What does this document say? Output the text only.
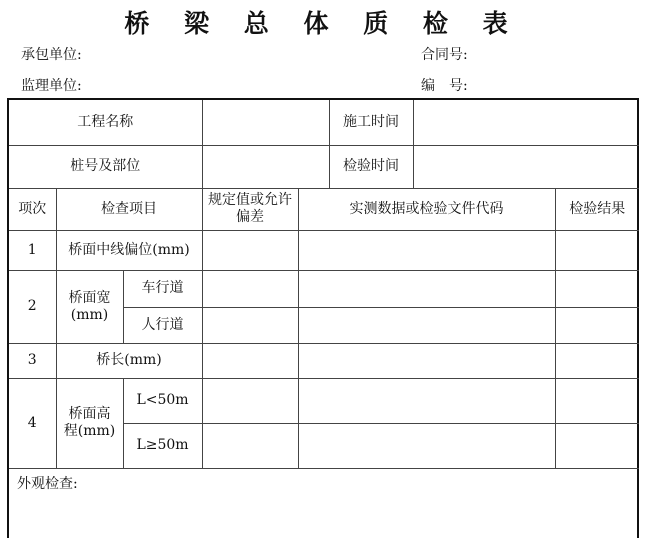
桥 梁 总 体 质 检 表
承包单位:	合同号:
监理单位:	编　号:
工程名称					施工时间		
桩号及部位					检验时间		
项次	检查项目		规定值或允许偏差	实测数据或检验文件代码			检验结果
1	桥面中线偏位(mm)						
2	桥面宽(mm)	车行道					
		人行道					
3	桥长(mm)						
4	桥面高程(mm)	L<50m					
		L≥50m					
外观检查:
